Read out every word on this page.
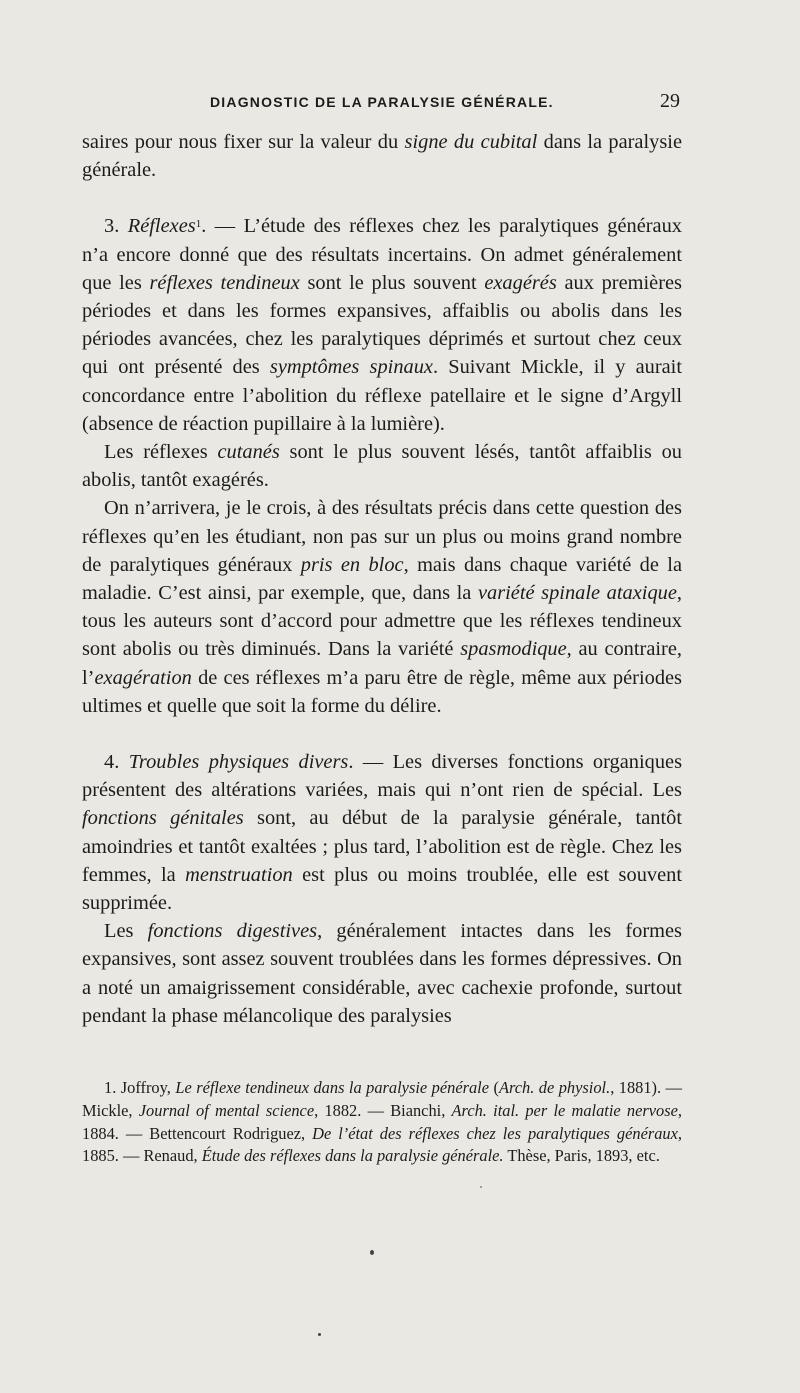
DIAGNOSTIC DE LA PARALYSIE GÉNÉRALE.	29

saires pour nous fixer sur la valeur du signe du cubital dans la paralysie générale.

3. Réflexes$^1$. — L’étude des réflexes chez les paralytiques généraux n’a encore donné que des résultats incertains. On admet généralement que les réflexes tendineux sont le plus souvent exagérés aux premières périodes et dans les formes expansives, affaiblis ou abolis dans les périodes avancées, chez les paralytiques déprimés et surtout chez ceux qui ont présenté des symptômes spinaux. Suivant Mickle, il y aurait concordance entre l’abolition du réflexe patellaire et le signe d’Argyll (absence de réaction pupillaire à la lumière).

Les réflexes cutanés sont le plus souvent lésés, tantôt affaiblis ou abolis, tantôt exagérés.

On n’arrivera, je le crois, à des résultats précis dans cette question des réflexes qu’en les étudiant, non pas sur un plus ou moins grand nombre de paralytiques généraux pris en bloc, mais dans chaque variété de la maladie. C’est ainsi, par exemple, que, dans la variété spinale ataxique, tous les auteurs sont d’accord pour admettre que les réflexes tendineux sont abolis ou très diminués. Dans la variété spasmodique, au contraire, l’exagération de ces réflexes m’a paru être de règle, même aux périodes ultimes et quelle que soit la forme du délire.

4. Troubles physiques divers. — Les diverses fonctions organiques présentent des altérations variées, mais qui n’ont rien de spécial. Les fonctions génitales sont, au début de la paralysie générale, tantôt amoindries et tantôt exaltées ; plus tard, l’abolition est de règle. Chez les femmes, la menstruation est plus ou moins troublée, elle est souvent supprimée.

Les fonctions digestives, généralement intactes dans les formes expansives, sont assez souvent troublées dans les formes dépressives. On a noté un amaigrissement considérable, avec cachexie profonde, surtout pendant la phase mélancolique des paralysies

1. Joffroy, Le réflexe tendineux dans la paralysie pénérale (Arch. de physiol., 1881). — Mickle, Journal of mental science, 1882. — Bianchi, Arch. ital. per le malatie nervose, 1884. — Bettencourt Rodriguez, De l’état des réflexes chez les paralytiques généraux, 1885. — Renaud, Étude des réflexes dans la paralysie générale. Thèse, Paris, 1893, etc.
